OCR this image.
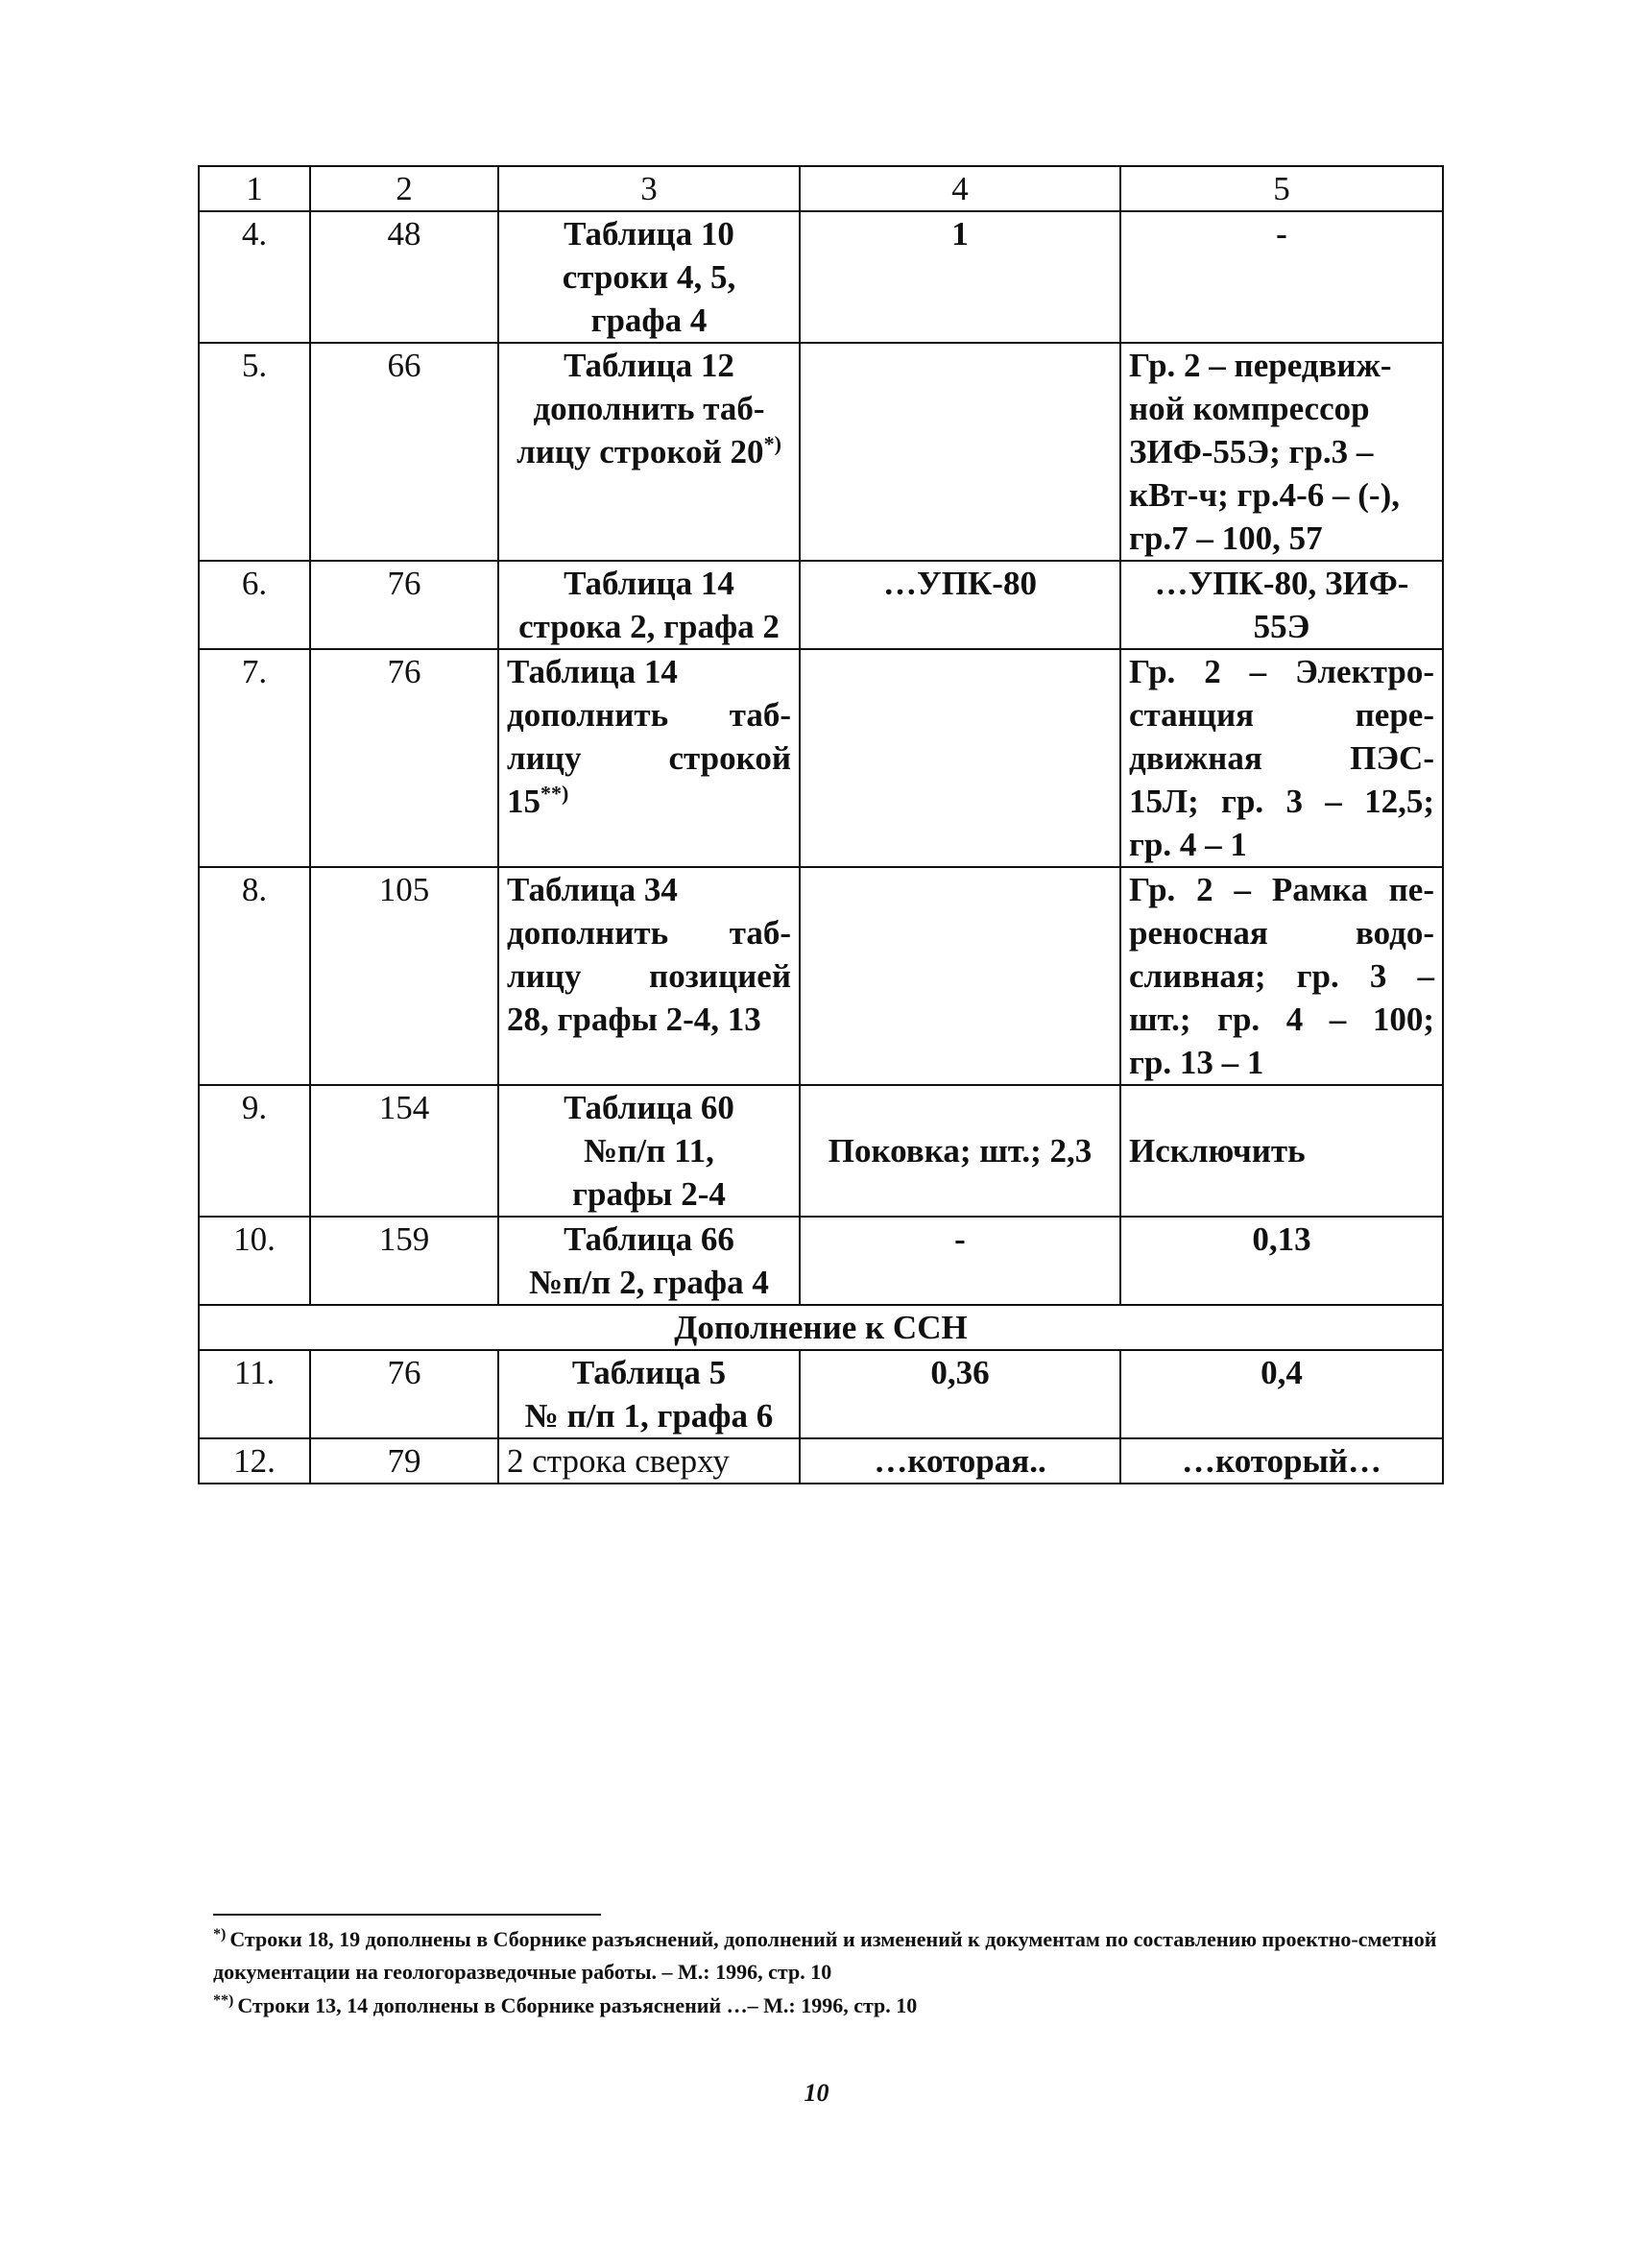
1	2	3	4	5
4.	48	Таблица 10
строки 4, 5,
графа 4	1	-

5.	66	Таблица 12
дополнить таб-
лицу строкой 20*)		Гр. 2 – передвиж-
ной компрессор
ЗИФ-55Э; гр.3 –
кВт-ч; гр.4-6 – (-),
гр.7 – 100, 57

6.	76	Таблица 14
строка 2, графа 2	…УПК-80	…УПК-80, ЗИФ-
55Э

7.	76	Таблица 14
дополнить таб-
лицу строкой
15**)		Гр. 2 – Электро-
станция пере-
движная ПЭС-
15Л; гр. 3 – 12,5;
гр. 4 – 1

8.	105	Таблица 34
дополнить таб-
лицу позицией
28, графы 2-4, 13		Гр. 2 – Рамка пе-
реносная водо-
сливная; гр. 3 –
шт.; гр. 4 – 100;
гр. 13 – 1

9.	154	Таблица 60
№п/п 11,
графы 2-4	Поковка; шт.; 2,3	Исключить

10.	159	Таблица 66
№п/п 2, графа 4	-	0,13

Дополнение к ССН				
11.	76	Таблица 5
№ п/п 1, графа 6	0,36	0,4

12.	79	2 строка сверху	…которая..	…который…
*) Строки 18, 19 дополнены в Сборнике разъяснений, дополнений и изменений к документам по составлению проектно-сметной документации на геологоразведочные работы. – М.: 1996, стр. 10
**) Строки 13, 14 дополнены в Сборнике разъяснений …– М.: 1996, стр. 10
10
